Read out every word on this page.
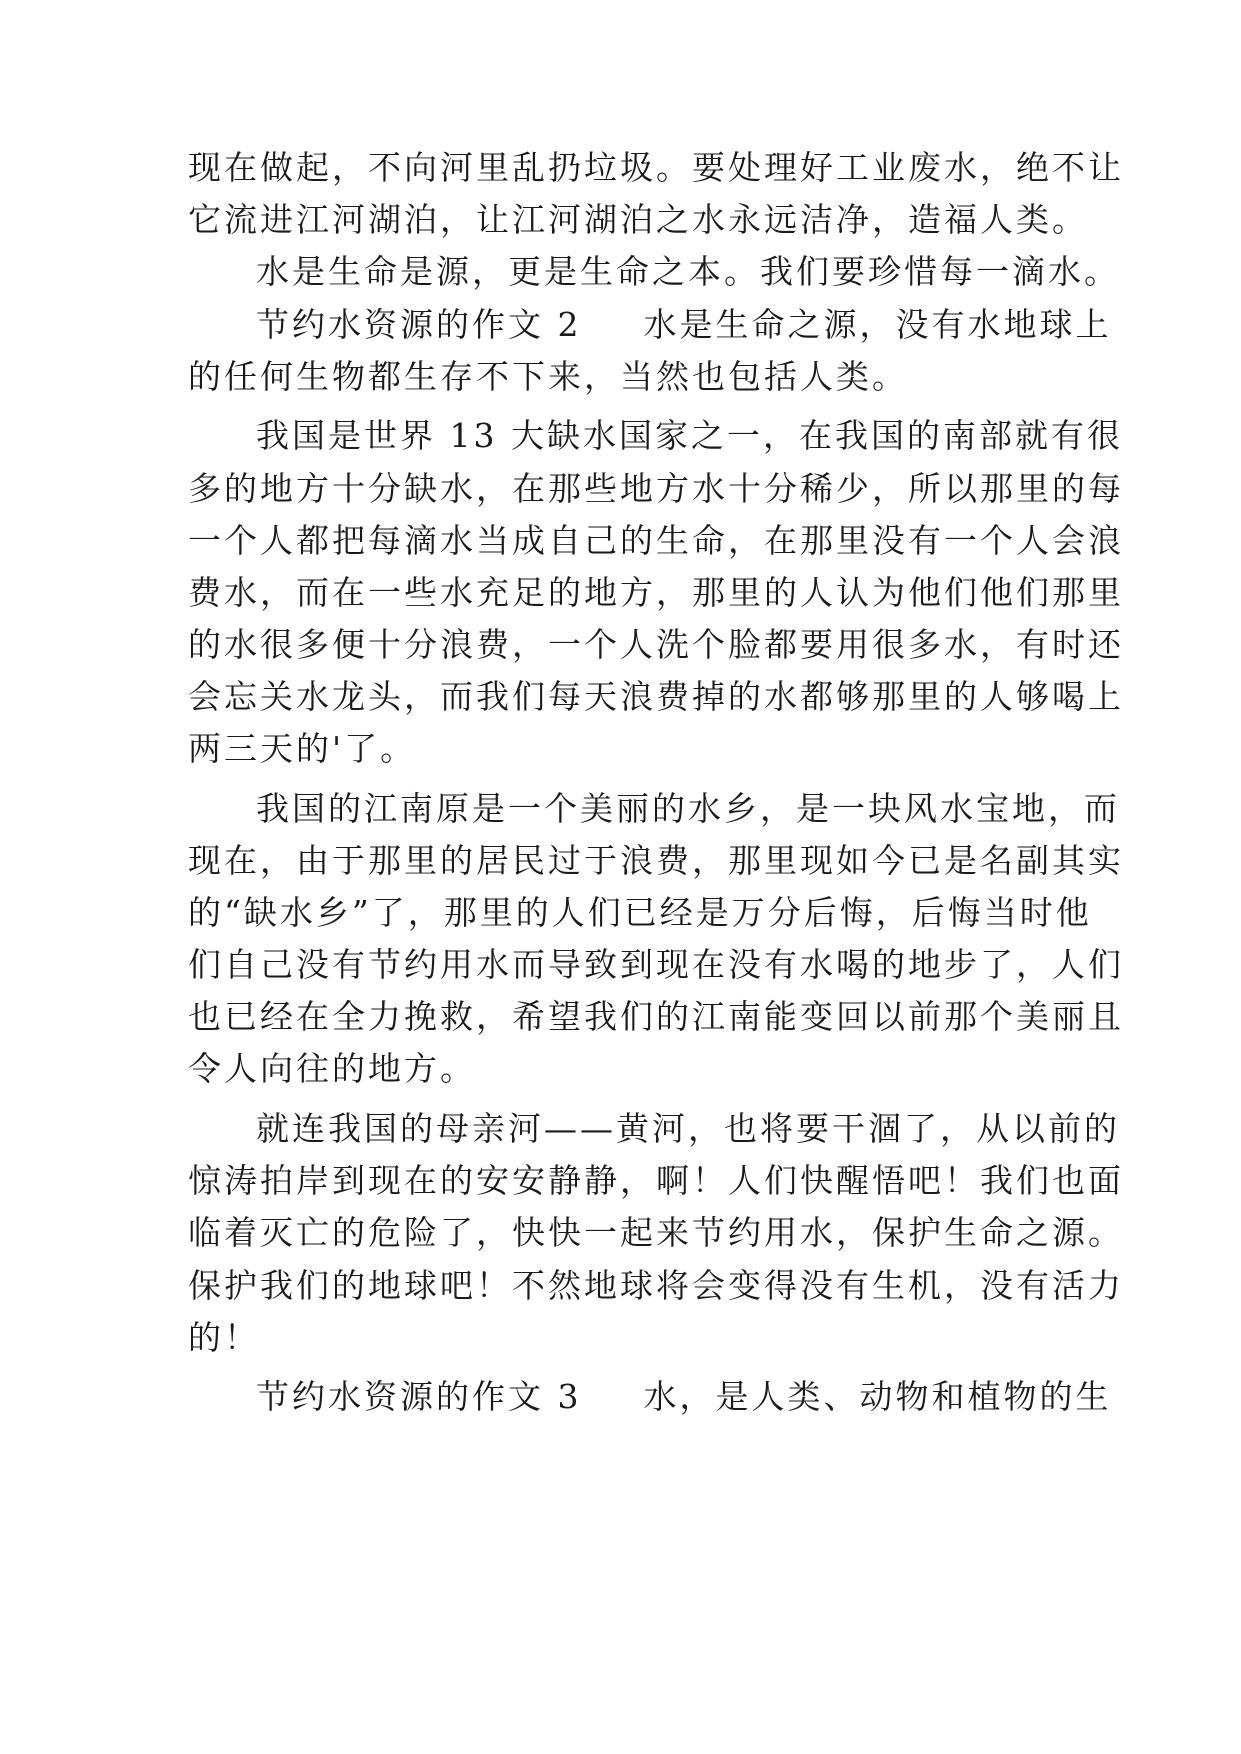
现在做起，不向河里乱扔垃圾。要处理好工业废水，绝不让
它流进江河湖泊，让江河湖泊之水永远洁净，造福人类。
水是生命是源，更是生命之本。我们要珍惜每一滴水。
节约水资源的作文 2 水是生命之源，没有水地球上
的任何生物都生存不下来，当然也包括人类。
我国是世界 13 大缺水国家之一，在我国的南部就有很
多的地方十分缺水，在那些地方水十分稀少，所以那里的每
一个人都把每滴水当成自己的生命，在那里没有一个人会浪
费水，而在一些水充足的地方，那里的人认为他们他们那里
的水很多便十分浪费，一个人洗个脸都要用很多水，有时还
会忘关水龙头，而我们每天浪费掉的水都够那里的人够喝上
两三天的'了。
我国的江南原是一个美丽的水乡，是一块风水宝地，而
现在，由于那里的居民过于浪费，那里现如今已是名副其实
的“缺水乡”了，那里的人们已经是万分后悔，后悔当时他
们自己没有节约用水而导致到现在没有水喝的地步了，人们
也已经在全力挽救，希望我们的江南能变回以前那个美丽且
令人向往的地方。
就连我国的母亲河——黄河，也将要干涸了，从以前的
惊涛拍岸到现在的安安静静，啊！人们快醒悟吧！我们也面
临着灭亡的危险了，快快一起来节约用水，保护生命之源。
保护我们的地球吧！不然地球将会变得没有生机，没有活力
的！
节约水资源的作文 3 水，是人类、动物和植物的生
